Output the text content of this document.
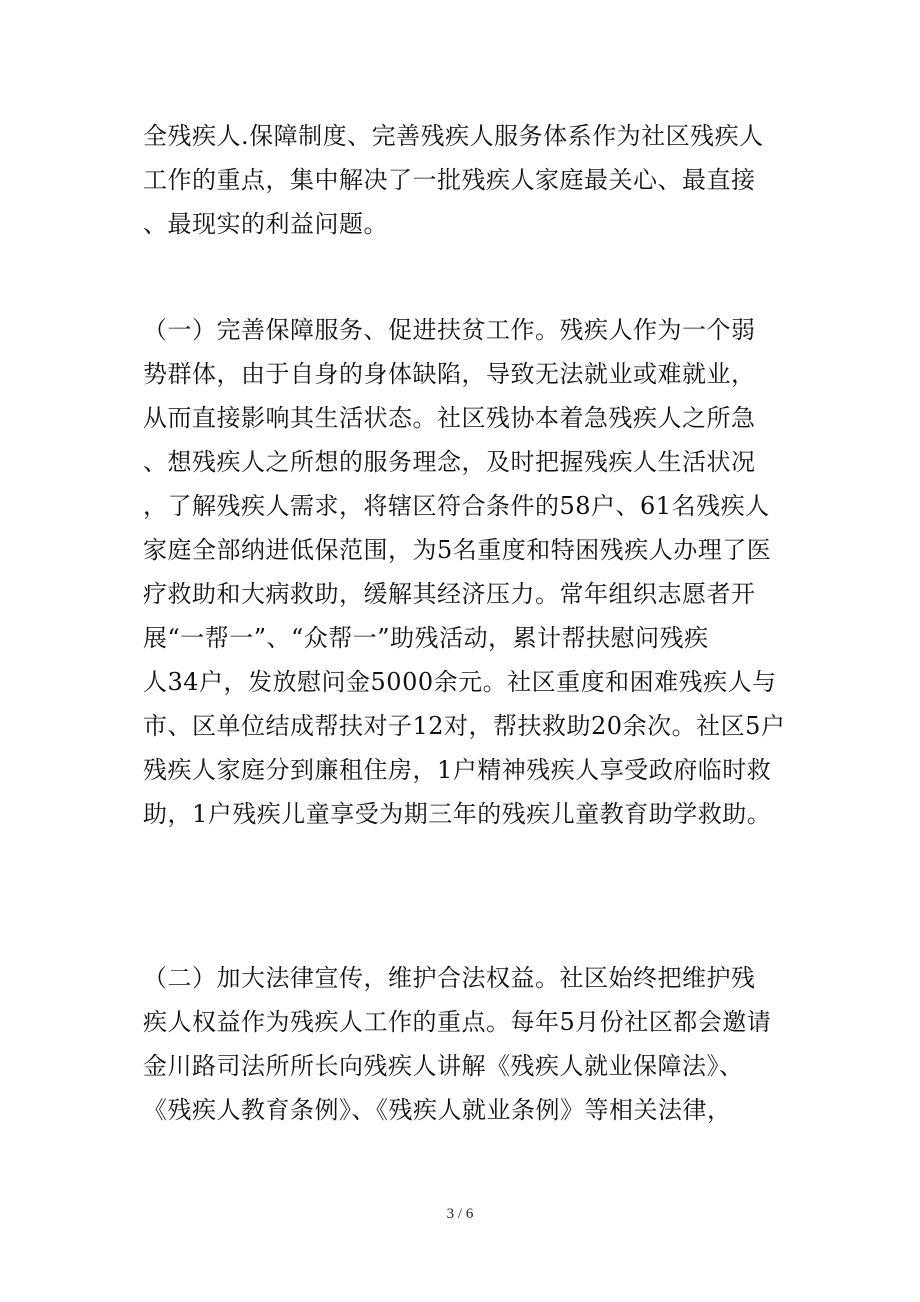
全残疾人.保障制度、完善残疾人服务体系作为社区残疾人
工作的重点，集中解决了一批残疾人家庭最关心、最直接
、最现实的利益问题。
（一）完善保障服务、促进扶贫工作。残疾人作为一个弱
势群体，由于自身的身体缺陷，导致无法就业或难就业，
从而直接影响其生活状态。社区残协本着急残疾人之所急
、想残疾人之所想的服务理念，及时把握残疾人生活状况
，了解残疾人需求，将辖区符合条件的58户、61名残疾人
家庭全部纳进低保范围，为5名重度和特困残疾人办理了医
疗救助和大病救助，缓解其经济压力。常年组织志愿者开
展“一帮一”、“众帮一”助残活动，累计帮扶慰问残疾
人34户，发放慰问金5000余元。社区重度和困难残疾人与
市、区单位结成帮扶对子12对，帮扶救助20余次。社区5户
残疾人家庭分到廉租住房，1户精神残疾人享受政府临时救
助，1户残疾儿童享受为期三年的残疾儿童教育助学救助。
（二）加大法律宣传，维护合法权益。社区始终把维护残
疾人权益作为残疾人工作的重点。每年5月份社区都会邀请
金川路司法所所长向残疾人讲解《残疾人就业保障法》、
《残疾人教育条例》、《残疾人就业条例》等相关法律，
3 / 6
